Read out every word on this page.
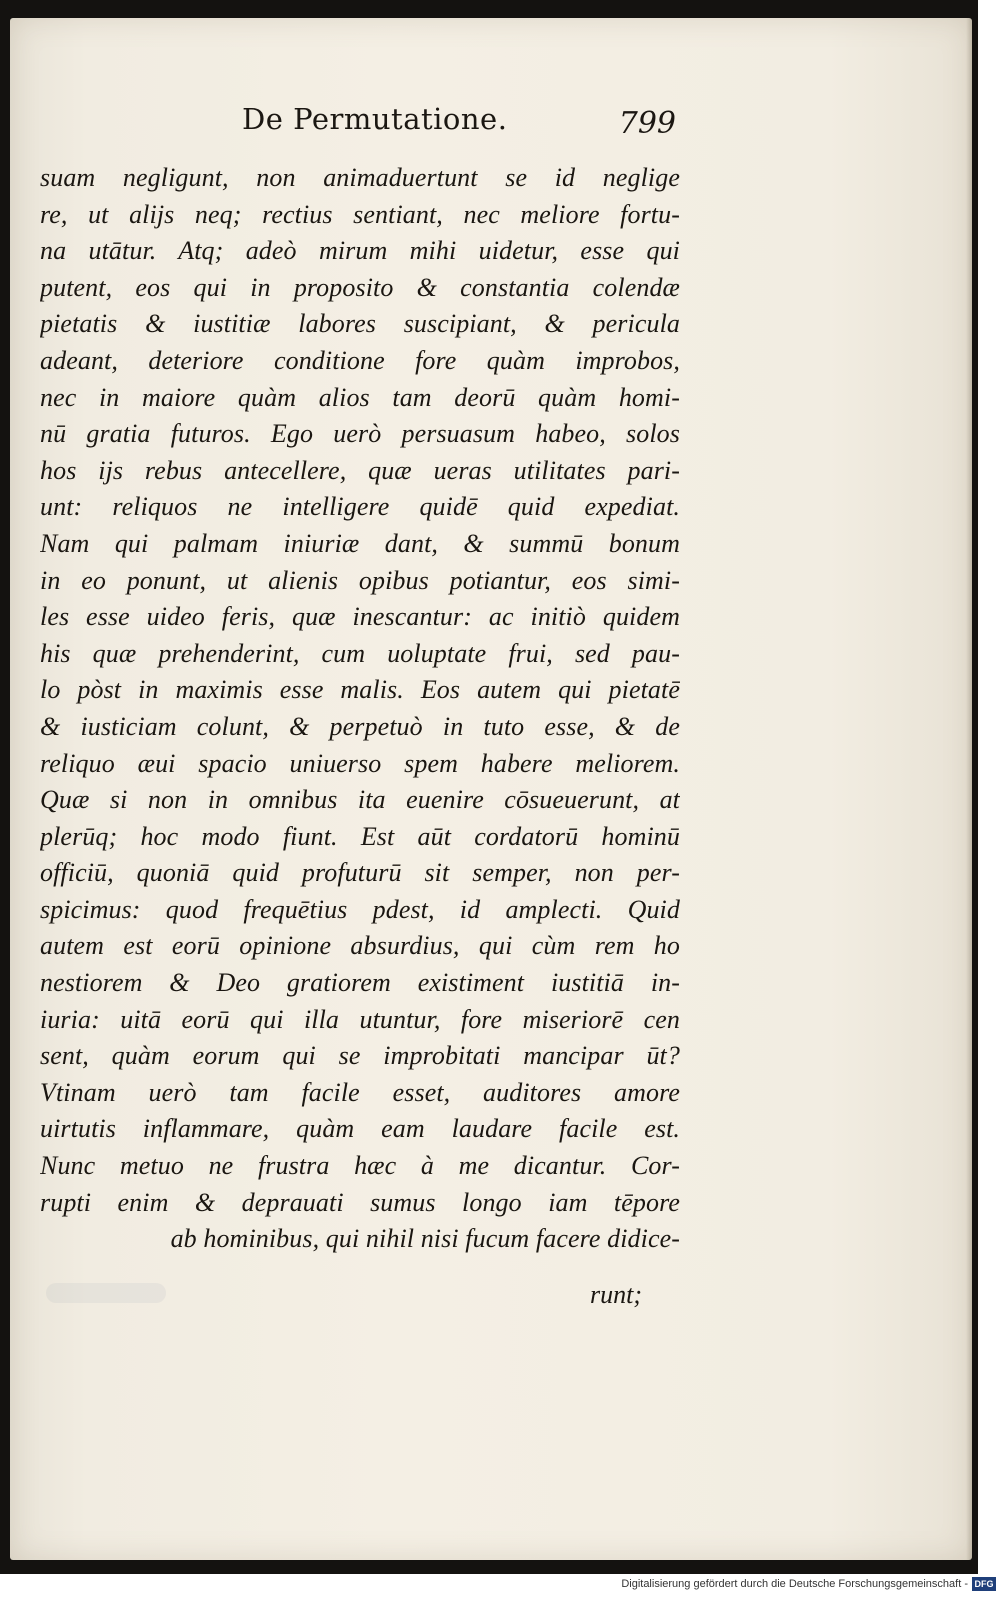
De Permutatione.	799
suam negligunt, non animaduertunt se id neglige
re, ut alijs neq; rectius sentiant, nec meliore fortu-
na utātur. Atq; adeò mirum mihi uidetur, esse qui
putent, eos qui in proposito & constantia colendæ
pietatis & iustitiæ labores suscipiant, & pericula
adeant, deteriore conditione fore quàm improbos,
nec in maiore quàm alios tam deorū quàm homi-
nū gratia futuros. Ego uerò persuasum habeo, solos
hos ijs rebus antecellere, quæ ueras utilitates pari-
unt: reliquos ne intelligere quidē quid expediat.
Nam qui palmam iniuriæ dant, & summū bonum
in eo ponunt, ut alienis opibus potiantur, eos simi-
les esse uideo feris, quæ inescantur: ac initiò quidem
his quæ prehenderint, cum uoluptate frui, sed pau-
lo pòst in maximis esse malis. Eos autem qui pietatē
& iusticiam colunt, & perpetuò in tuto esse, & de
reliquo æui spacio uniuerso spem habere meliorem.
Quæ si non in omnibus ita euenire cōsueuerunt, at
plerūq; hoc modo fiunt. Est aūt cordatorū hominū
officiū, quoniā quid profuturū sit semper, non per-
spicimus: quod frequētius pdest, id amplecti. Quid
autem est eorū opinione absurdius, qui cùm rem ho
nestiorem & Deo gratiorem existiment iustitiā in-
iuria: uitā eorū qui illa utuntur, fore miseriorē cen
sent, quàm eorum qui se improbitati mancipar ūt?
Vtinam uerò tam facile esset, auditores amore
uirtutis inflammare, quàm eam laudare facile est.
Nunc metuo ne frustra hæc à me dicantur. Cor-
rupti enim & deprauati sumus longo iam tēpore
ab hominibus, qui nihil nisi fucum facere didice-
runt;
Digitalisierung gefördert durch die Deutsche Forschungsgemeinschaft - DFG
